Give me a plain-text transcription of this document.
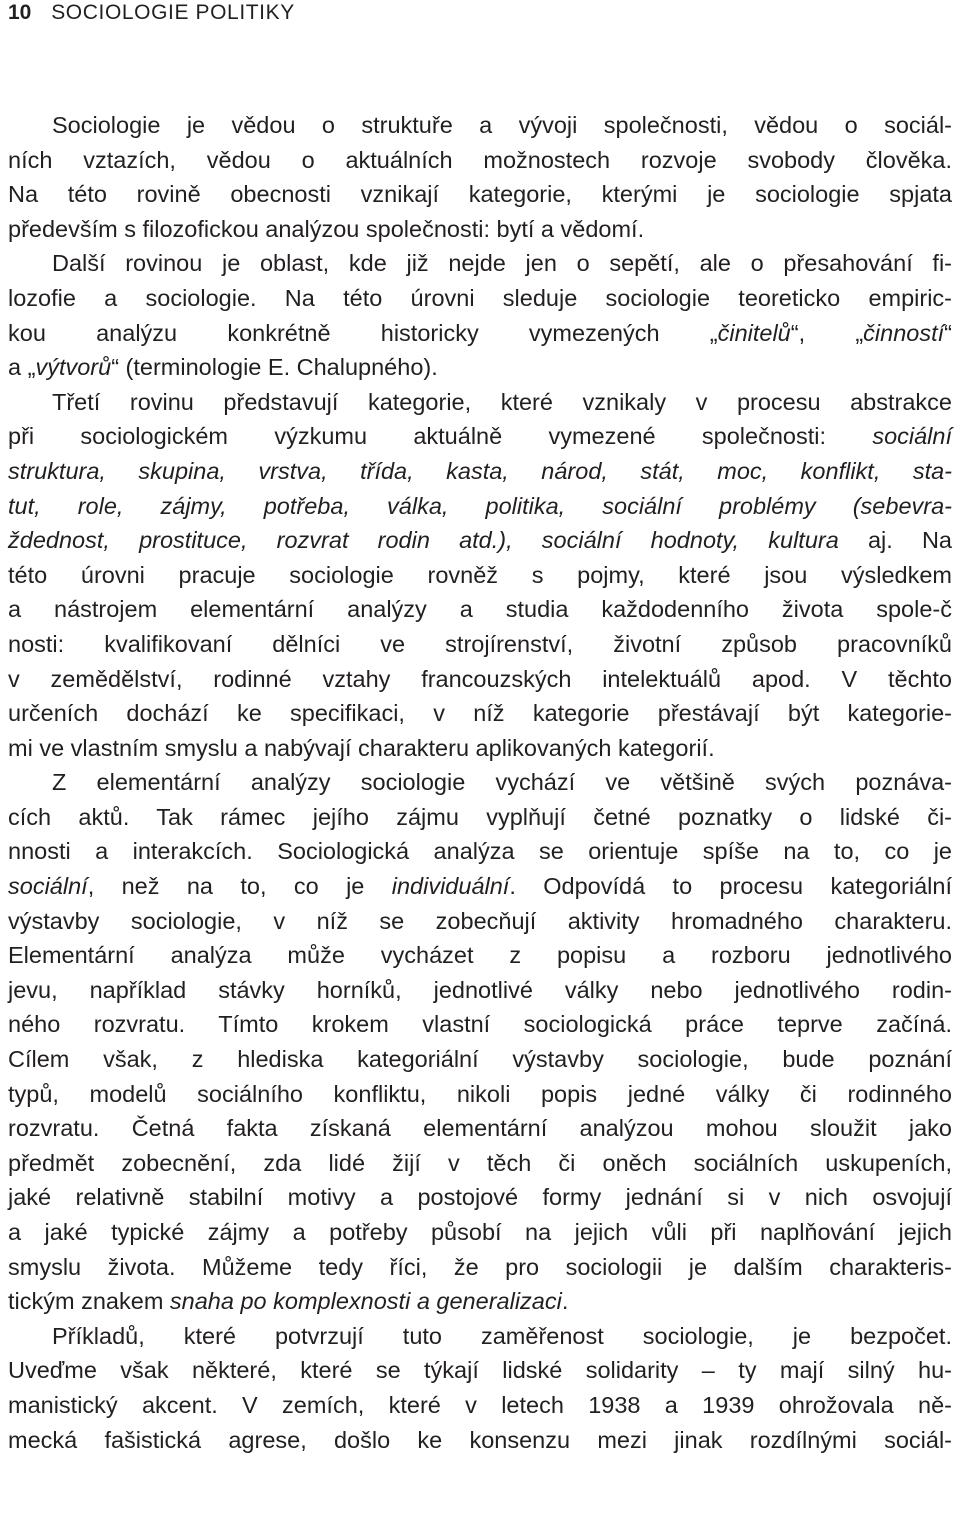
10 SOCIOLOGIE POLITIKY
Sociologie je vědou o struktuře a vývoji společnosti, vědou o sociál-
ních vztazích, vědou o aktuálních možnostech rozvoje svobody člověka.
Na této rovině obecnosti vznikají kategorie, kterými je sociologie spjata
především s filozofickou analýzou společnosti: bytí a vědomí.
Další rovinou je oblast, kde již nejde jen o sepětí, ale o přesahování fi-
lozofie a sociologie. Na této úrovni sleduje sociologie teoreticko empiric-
kou analýzu konkrétně historicky vymezených „činitelů“, „činností“
a „výtvorů“ (terminologie E. Chalupného).
Třetí rovinu představují kategorie, které vznikaly v procesu abstrakce
při sociologickém výzkumu aktuálně vymezené společnosti: sociální
struktura, skupina, vrstva, třída, kasta, národ, stát, moc, konflikt, sta-
tut, role, zájmy, potřeba, válka, politika, sociální problémy (sebevra-
ždednost, prostituce, rozvrat rodin atd.), sociální hodnoty, kultura aj. Na
této úrovni pracuje sociologie rovněž s pojmy, které jsou výsledkem
a nástrojem elementární analýzy a studia každodenního života spole-č
nosti: kvalifikovaní dělníci ve strojírenství, životní způsob pracovníků
v zemědělství, rodinné vztahy francouzských intelektuálů apod. V těchto
určeních dochází ke specifikaci, v níž kategorie přestávají být kategorie-
mi ve vlastním smyslu a nabývají charakteru aplikovaných kategorií.
Z elementární analýzy sociologie vychází ve většině svých poznáva-
cích aktů. Tak rámec jejího zájmu vyplňují četné poznatky o lidské či-
nnosti a interakcích. Sociologická analýza se orientuje spíše na to, co je
sociální, než na to, co je individuální. Odpovídá to procesu kategoriální
výstavby sociologie, v níž se zobecňují aktivity hromadného charakteru.
Elementární analýza může vycházet z popisu a rozboru jednotlivého
jevu, například stávky horníků, jednotlivé války nebo jednotlivého rodin-
ného rozvratu. Tímto krokem vlastní sociologická práce teprve začíná.
Cílem však, z hlediska kategoriální výstavby sociologie, bude poznání
typů, modelů sociálního konfliktu, nikoli popis jedné války či rodinného
rozvratu. Četná fakta získaná elementární analýzou mohou sloužit jako
předmět zobecnění, zda lidé žijí v těch či oněch sociálních uskupeních,
jaké relativně stabilní motivy a postojové formy jednání si v nich osvojují
a jaké typické zájmy a potřeby působí na jejich vůli při naplňování jejich
smyslu života. Můžeme tedy říci, že pro sociologii je dalším charakteris-
tickým znakem snaha po komplexnosti a generalizaci.
Příkladů, které potvrzují tuto zaměřenost sociologie, je bezpočet.
Uveďme však některé, které se týkají lidské solidarity – ty mají silný hu-
manistický akcent. V zemích, které v letech 1938 a 1939 ohrožovala ně-
mecká fašistická agrese, došlo ke konsenzu mezi jinak rozdílnými sociál-
